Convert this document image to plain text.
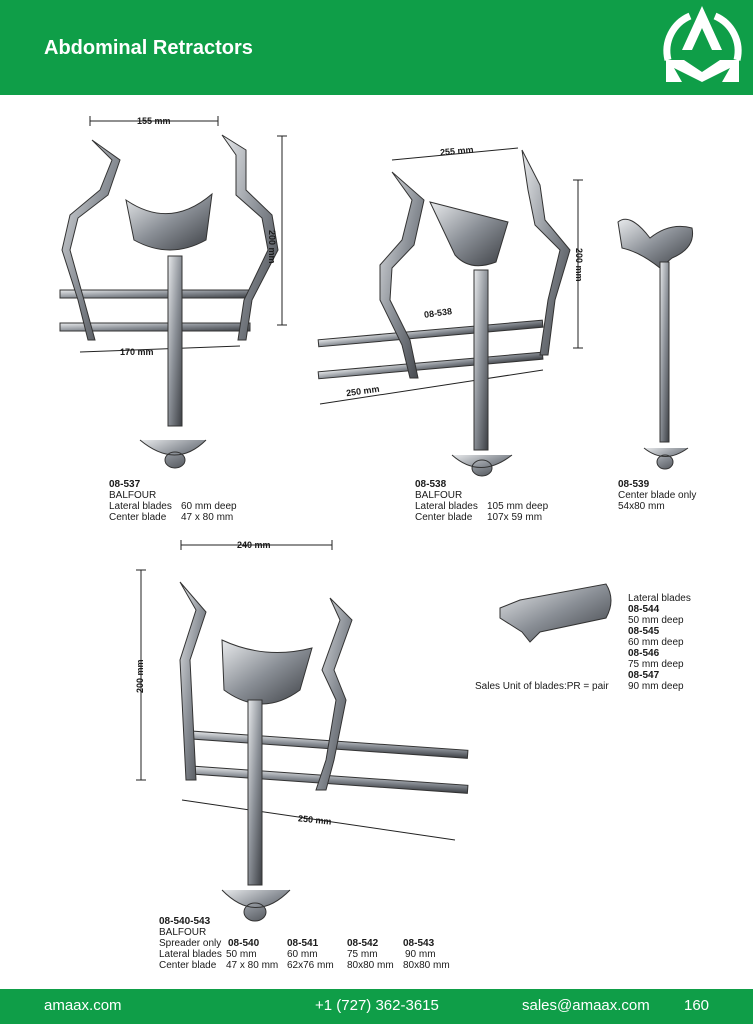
Abdominal Retractors
155 mm
200 mm
170 mm
255 mm
200 mm
08-538
250 mm
240 mm
200 mm
250 mm
08-537
BALFOUR
Lateral blades 60 mm deep
Center blade 47 x 80 mm
08-538
BALFOUR
Lateral blades 105 mm deep
Center blade 107x 59 mm
08-539
Center blade only
54x80 mm
Lateral blades
08-544
50 mm deep
08-545
60 mm deep
08-546
75 mm deep
08-547
90 mm deep
Sales Unit of blades:PR = pair
08-540-543
BALFOUR
Spreader only 08-540	08-541	08-542 08-543
Lateral blades 50 mm	60 mm	75 mm	90 mm
Center blade 47 x 80 mm 62x76 mm 80x80 mm 80x80 mm
amaax.com	+1 (727) 362-3615	sales@amaax.com 160
